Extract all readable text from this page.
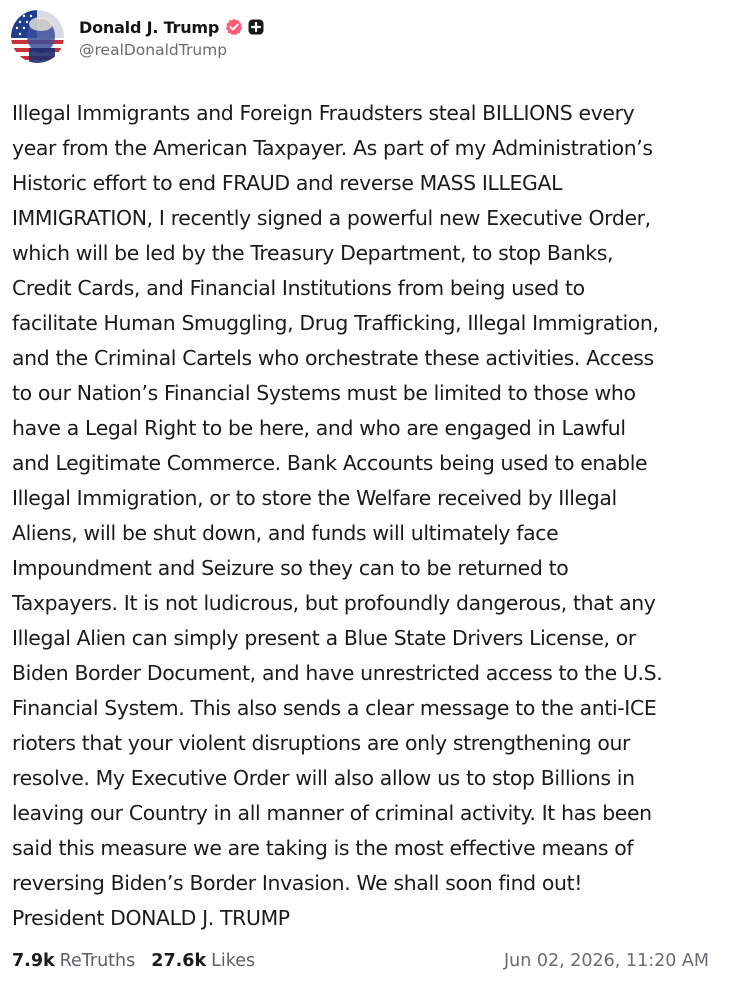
Donald J. Trump
@realDonaldTrump
Illegal Immigrants and Foreign Fraudsters steal BILLIONS every
year from the American Taxpayer. As part of my Administration’s
Historic effort to end FRAUD and reverse MASS ILLEGAL
IMMIGRATION, I recently signed a powerful new Executive Order,
which will be led by the Treasury Department, to stop Banks,
Credit Cards, and Financial Institutions from being used to
facilitate Human Smuggling, Drug Trafficking, Illegal Immigration,
and the Criminal Cartels who orchestrate these activities. Access
to our Nation’s Financial Systems must be limited to those who
have a Legal Right to be here, and who are engaged in Lawful
and Legitimate Commerce. Bank Accounts being used to enable
Illegal Immigration, or to store the Welfare received by Illegal
Aliens, will be shut down, and funds will ultimately face
Impoundment and Seizure so they can to be returned to
Taxpayers. It is not ludicrous, but profoundly dangerous, that any
Illegal Alien can simply present a Blue State Drivers License, or
Biden Border Document, and have unrestricted access to the U.S.
Financial System. This also sends a clear message to the anti-ICE
rioters that your violent disruptions are only strengthening our
resolve. My Executive Order will also allow us to stop Billions in
leaving our Country in all manner of criminal activity. It has been
said this measure we are taking is the most effective means of
reversing Biden’s Border Invasion. We shall soon find out!
President DONALD J. TRUMP
7.9k ReTruths 27.6k Likes	Jun 02, 2026, 11:20 AM
